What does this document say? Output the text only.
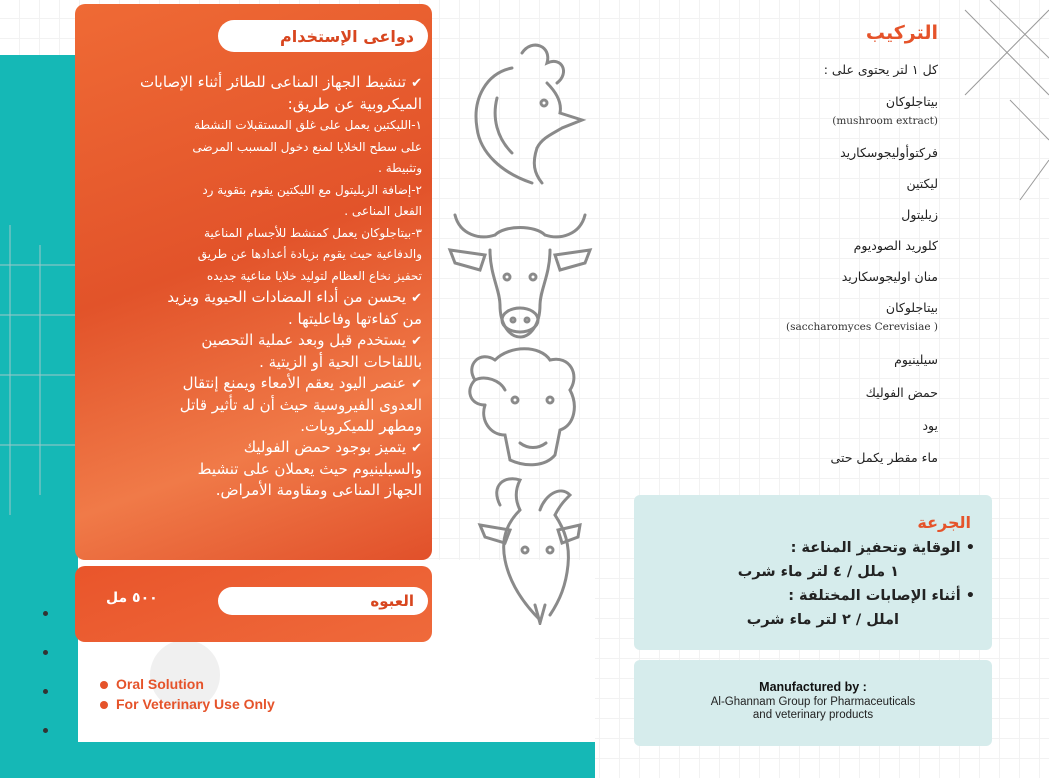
دواعى الإستخدام
✔تنشيط الجهاز المناعى للطائر أثناء الإصابات
الميكروبية عن طريق:
١-الليكتين يعمل على غلق المستقبلات النشطة
على سطح الخلايا لمنع دخول المسبب المرضى
وتثبيطة .
٢-إضافة الزيليتول مع الليكتين يقوم بتقوية رد
الفعل المناعى .
٣-بيتاجلوكان يعمل كمنشط للأجسام المناعية
والدفاعية حيث يقوم بزيادة أعدادها عن طريق
تحفيز نخاع العظام لتوليد خلايا مناعية جديده
✔يحسن من أداء المضادات الحيوية ويزيد
من كفاءتها وفاعليتها .
✔يستخدم قبل وبعد عملية التحصين
باللقاحات الحية أو الزيتية .
✔عنصر اليود يعقم الأمعاء ويمنع إنتقال
العدوى الفيروسية حيث أن له تأثير قاتل
ومطهر للميكروبات.
✔يتميز بوجود حمض الفوليك
والسيلينيوم حيث يعملان على تنشيط
الجهاز المناعى ومقاومة الأمراض.
العبوه
٥٠٠ مل
Oral Solution
For Veterinary Use Only
التركيب
كل ١ لتر يحتوى على :
بيتاجلوكان
(mushroom extract)
فركتوأوليجوسكاريد
ليكتين
زيليتول
كلوريد الصوديوم
منان اوليجوسكاريد
بيتاجلوكان
(saccharomyces Cerevisiae )
سيلينيوم
حمض الفوليك
يود
ماء مقطر يكمل حتى
الجرعة
• الوقاية وتحفيز المناعة :
١ ملل / ٤ لتر ماء شرب
• أثناء الإصابات المختلفة :
املل / ٢ لتر ماء شرب
Manufactured by :
Al-Ghannam Group for Pharmaceuticals
and veterinary products
